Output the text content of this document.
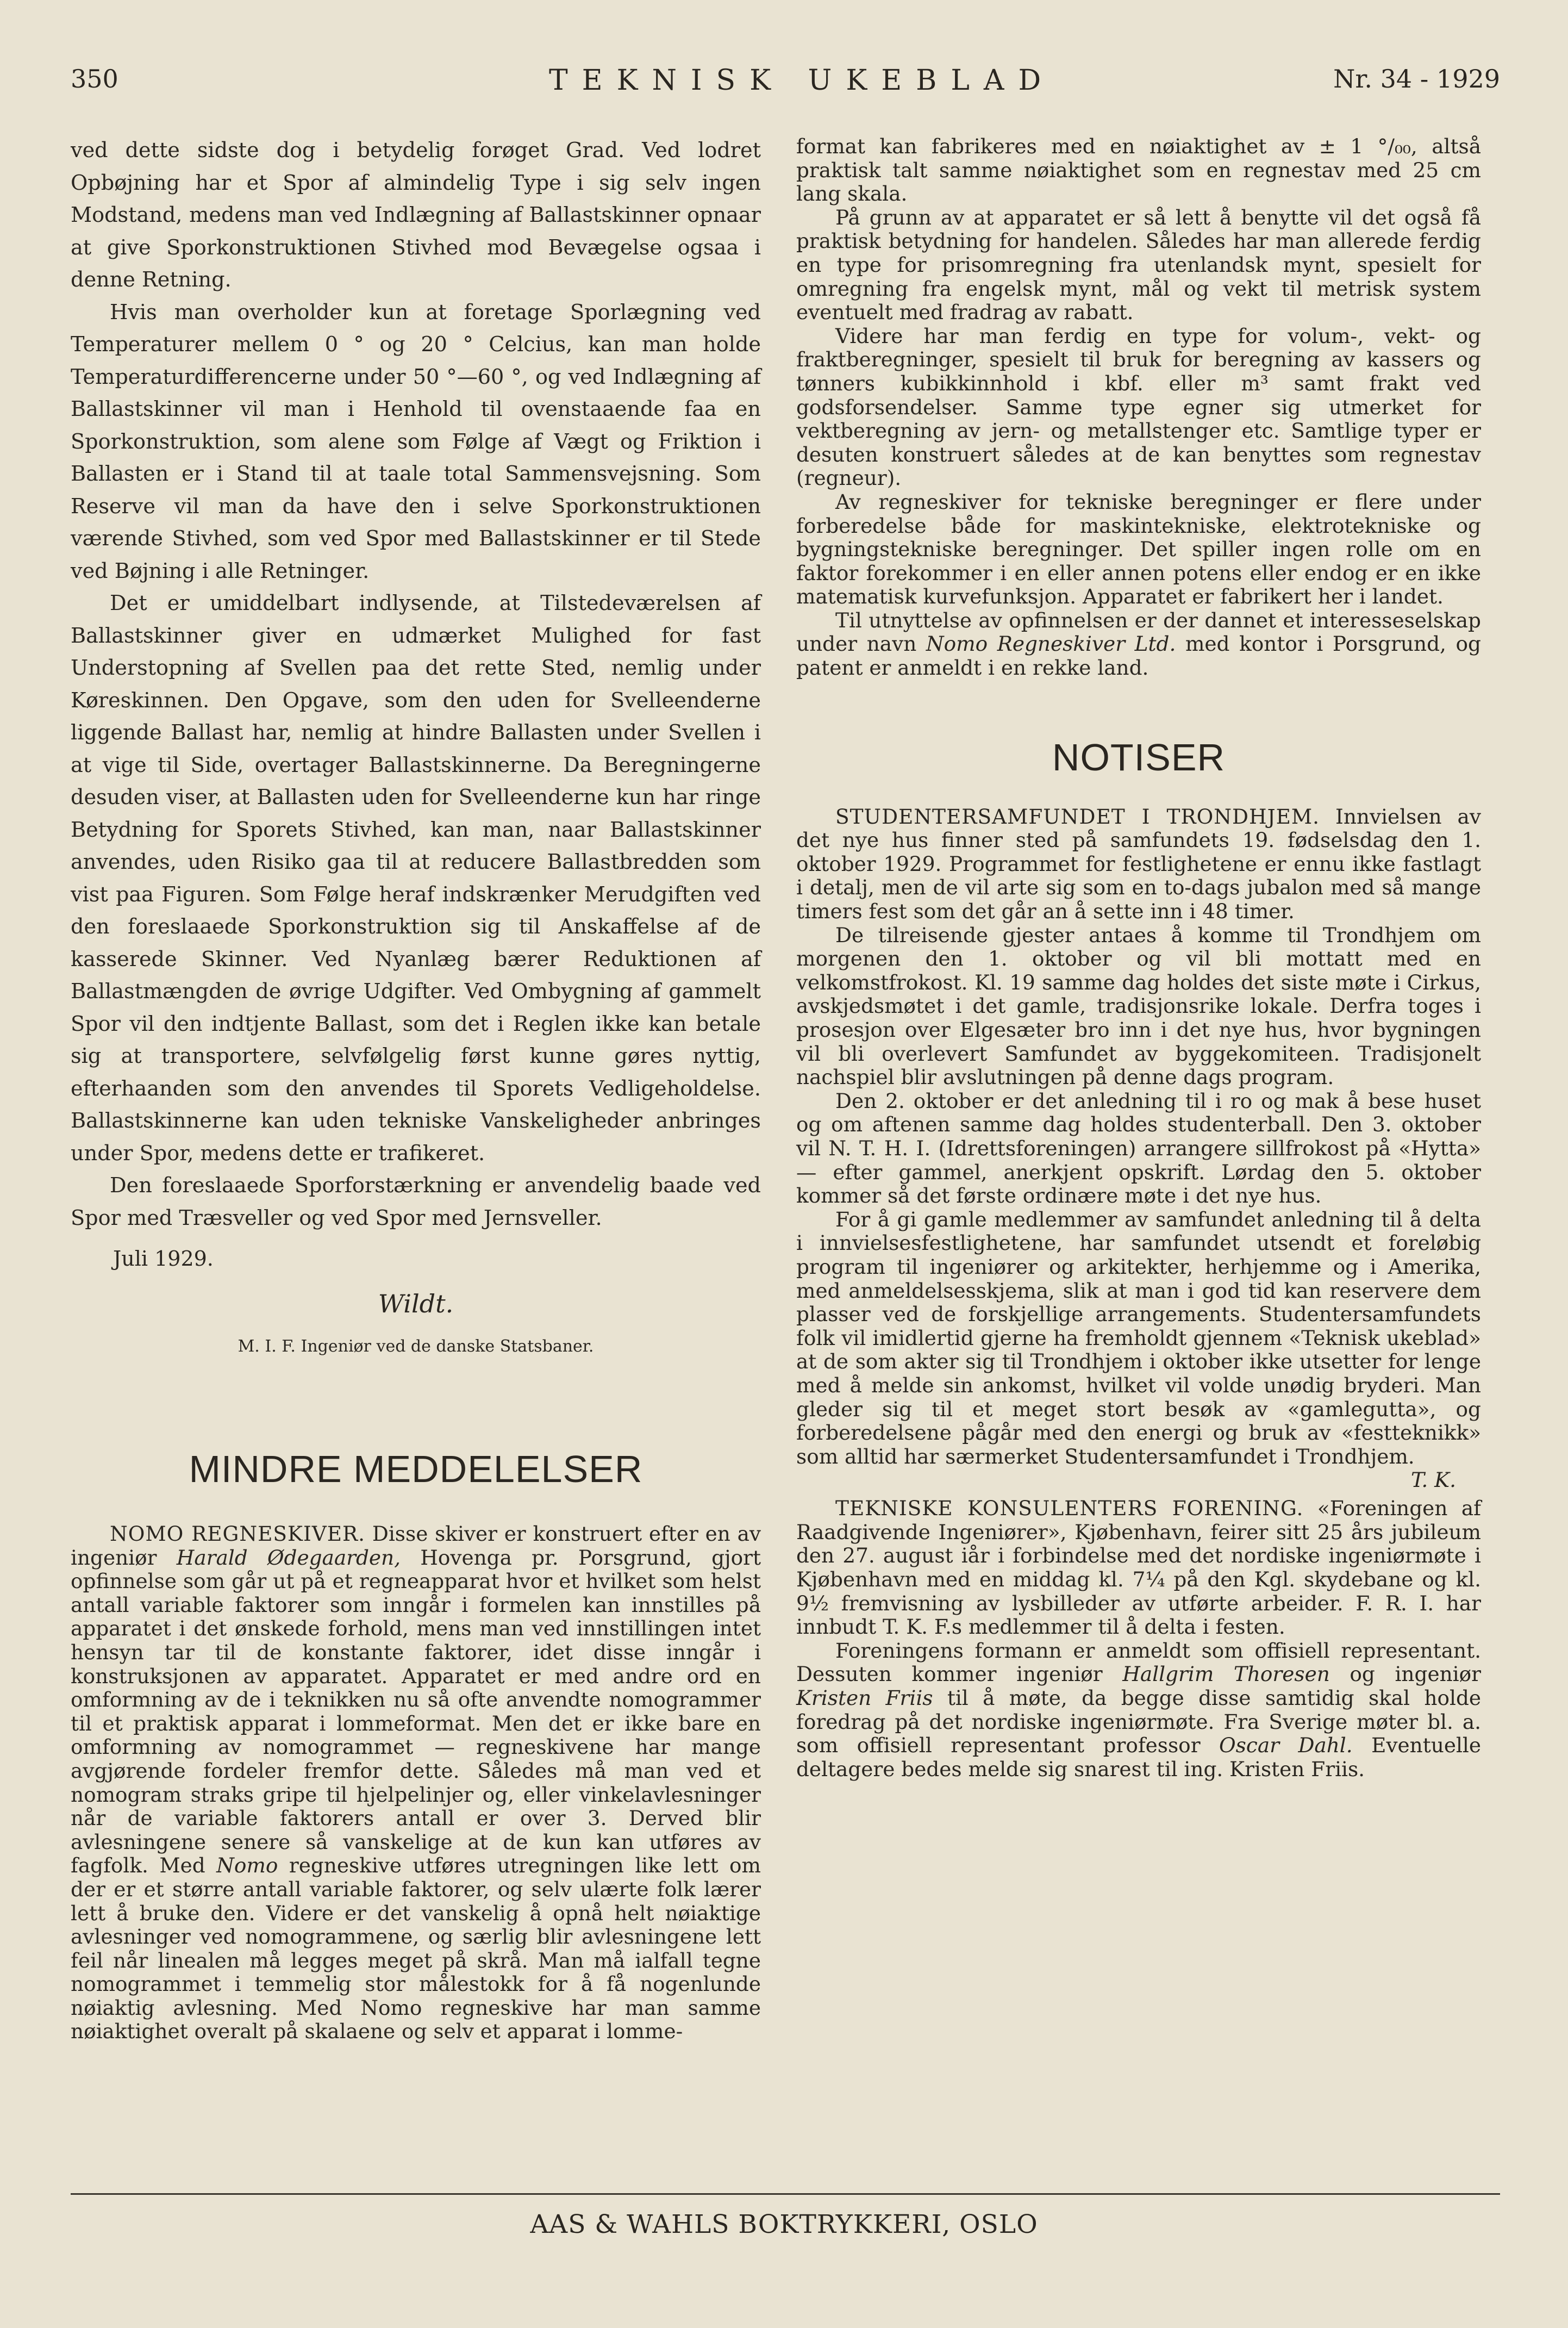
350	TEKNISK UKEBLAD	Nr. 34 - 1929

ved dette sidste dog i betydelig forøget Grad. Ved lodret Opbøjning har et Spor af almindelig Type i sig selv ingen Modstand, medens man ved Indlægning af Ballastskinner opnaar at give Sporkonstruktionen Stivhed mod Bevægelse ogsaa i denne Retning.

Hvis man overholder kun at foretage Sporlægning ved Temperaturer mellem 0 ° og 20 ° Celcius, kan man holde Temperaturdifferencerne under 50 °—60 °, og ved Indlægning af Ballastskinner vil man i Henhold til ovenstaaende faa en Sporkonstruktion, som alene som Følge af Vægt og Friktion i Ballasten er i Stand til at taale total Sammensvejsning. Som Reserve vil man da have den i selve Sporkonstruktionen værende Stivhed, som ved Spor med Ballastskinner er til Stede ved Bøjning i alle Retninger.

Det er umiddelbart indlysende, at Tilstedeværelsen af Ballastskinner giver en udmærket Mulighed for fast Understopning af Svellen paa det rette Sted, nemlig under Køreskinnen. Den Opgave, som den uden for Svelleenderne liggende Ballast har, nemlig at hindre Ballasten under Svellen i at vige til Side, overtager Ballastskinnerne. Da Beregningerne desuden viser, at Ballasten uden for Svelleenderne kun har ringe Betydning for Sporets Stivhed, kan man, naar Ballastskinner anvendes, uden Risiko gaa til at reducere Ballastbredden som vist paa Figuren. Som Følge heraf indskrænker Merudgiften ved den foreslaaede Sporkonstruktion sig til Anskaffelse af de kasserede Skinner. Ved Nyanlæg bærer Reduktionen af Ballastmængden de øvrige Udgifter. Ved Ombygning af gammelt Spor vil den indtjente Ballast, som det i Reglen ikke kan betale sig at transportere, selvfølgelig først kunne gøres nyttig, efterhaanden som den anvendes til Sporets Vedligeholdelse. Ballastskinnerne kan uden tekniske Vanskeligheder anbringes under Spor, medens dette er trafikeret.

Den foreslaaede Sporforstærkning er anvendelig baade ved Spor med Træsveller og ved Spor med Jernsveller.

Juli 1929.
Wildt.
M. I. F. Ingeniør ved de danske Statsbaner.
MINDRE MEDDELELSER

NOMO REGNESKIVER. Disse skiver er konstruert efter en av ingeniør Harald Ødegaarden, Hovenga pr. Porsgrund, gjort opfinnelse som går ut på et regneapparat hvor et hvilket som helst antall variable faktorer som inngår i formelen kan innstilles på apparatet i det ønskede forhold, mens man ved innstillingen intet hensyn tar til de konstante faktorer, idet disse inngår i konstruksjonen av apparatet. Apparatet er med andre ord en omformning av de i teknikken nu så ofte anvendte nomogrammer til et praktisk apparat i lommeformat. Men det er ikke bare en omformning av nomogrammet — regneskivene har mange avgjørende fordeler fremfor dette. Således må man ved et nomogram straks gripe til hjelpelinjer og, eller vinkelavlesninger når de variable faktorers antall er over 3. Derved blir avlesningene senere så vanskelige at de kun kan utføres av fagfolk. Med Nomo regneskive utføres utregningen like lett om der er et større antall variable faktorer, og selv ulærte folk lærer lett å bruke den. Videre er det vanskelig å opnå helt nøiaktige avlesninger ved nomogrammene, og særlig blir avlesningene lett feil når linealen må legges meget på skrå. Man må ialfall tegne nomogrammet i temmelig stor målestokk for å få nogenlunde nøiaktig avlesning. Med Nomo regneskive har man samme nøiaktighet overalt på skalaene og selv et apparat i lomme-

format kan fabrikeres med en nøiaktighet av ± 1 °/₀₀, altså praktisk talt samme nøiaktighet som en regnestav med 25 cm lang skala.

På grunn av at apparatet er så lett å benytte vil det også få praktisk betydning for handelen. Således har man allerede ferdig en type for prisomregning fra utenlandsk mynt, spesielt for omregning fra engelsk mynt, mål og vekt til metrisk system eventuelt med fradrag av rabatt.

Videre har man ferdig en type for volum-, vekt- og fraktberegninger, spesielt til bruk for beregning av kassers og tønners kubikkinnhold i kbf. eller m³ samt frakt ved godsforsendelser. Samme type egner sig utmerket for vektberegning av jern- og metallstenger etc. Samtlige typer er desuten konstruert således at de kan benyttes som regnestav (regneur).

Av regneskiver for tekniske beregninger er flere under forberedelse både for maskintekniske, elektrotekniske og bygningstekniske beregninger. Det spiller ingen rolle om en faktor forekommer i en eller annen potens eller endog er en ikke matematisk kurvefunksjon. Apparatet er fabrikert her i landet.

Til utnyttelse av opfinnelsen er der dannet et interesseselskap under navn Nomo Regneskiver Ltd. med kontor i Porsgrund, og patent er anmeldt i en rekke land.

NOTISER

STUDENTERSAMFUNDET I TRONDHJEM. Innvielsen av det nye hus finner sted på samfundets 19. fødselsdag den 1. oktober 1929. Programmet for festlighetene er ennu ikke fastlagt i detalj, men de vil arte sig som en to-dags jubalon med så mange timers fest som det går an å sette inn i 48 timer.

De tilreisende gjester antaes å komme til Trondhjem om morgenen den 1. oktober og vil bli mottatt med en velkomstfrokost. Kl. 19 samme dag holdes det siste møte i Cirkus, avskjedsmøtet i det gamle, tradisjonsrike lokale. Derfra toges i prosesjon over Elgesæter bro inn i det nye hus, hvor bygningen vil bli overlevert Samfundet av byggekomiteen. Tradisjonelt nachspiel blir avslutningen på denne dags program.

Den 2. oktober er det anledning til i ro og mak å bese huset og om aftenen samme dag holdes studenterball. Den 3. oktober vil N. T. H. I. (Idrettsforeningen) arrangere sillfrokost på «Hytta» — efter gammel, anerkjent opskrift. Lørdag den 5. oktober kommer så det første ordinære møte i det nye hus.

For å gi gamle medlemmer av samfundet anledning til å delta i innvielsesfestlighetene, har samfundet utsendt et foreløbig program til ingeniører og arkitekter, herhjemme og i Amerika, med anmeldelsesskjema, slik at man i god tid kan reservere dem plasser ved de forskjellige arrangements. Studentersamfundets folk vil imidlertid gjerne ha fremholdt gjennem «Teknisk ukeblad» at de som akter sig til Trondhjem i oktober ikke utsetter for lenge med å melde sin ankomst, hvilket vil volde unødig bryderi. Man gleder sig til et meget stort besøk av «gamlegutta», og forberedelsene pågår med den energi og bruk av «festteknikk» som alltid har særmerket Studentersamfundet i Trondhjem.
T. K.

TEKNISKE KONSULENTERS FORENING. «Foreningen af Raadgivende Ingeniører», Kjøbenhavn, feirer sitt 25 års jubileum den 27. august iår i forbindelse med det nordiske ingeniørmøte i Kjøbenhavn med en middag kl. 7¼ på den Kgl. skydebane og kl. 9½ fremvisning av lysbilleder av utførte arbeider. F. R. I. har innbudt T. K. F.s medlemmer til å delta i festen.

Foreningens formann er anmeldt som offisiell representant. Dessuten kommer ingeniør Hallgrim Thoresen og ingeniør Kristen Friis til å møte, da begge disse samtidig skal holde foredrag på det nordiske ingeniørmøte. Fra Sverige møter bl. a. som offisiell representant professor Oscar Dahl. Eventuelle deltagere bedes melde sig snarest til ing. Kristen Friis.

AAS & WAHLS BOKTRYKKERI, OSLO
